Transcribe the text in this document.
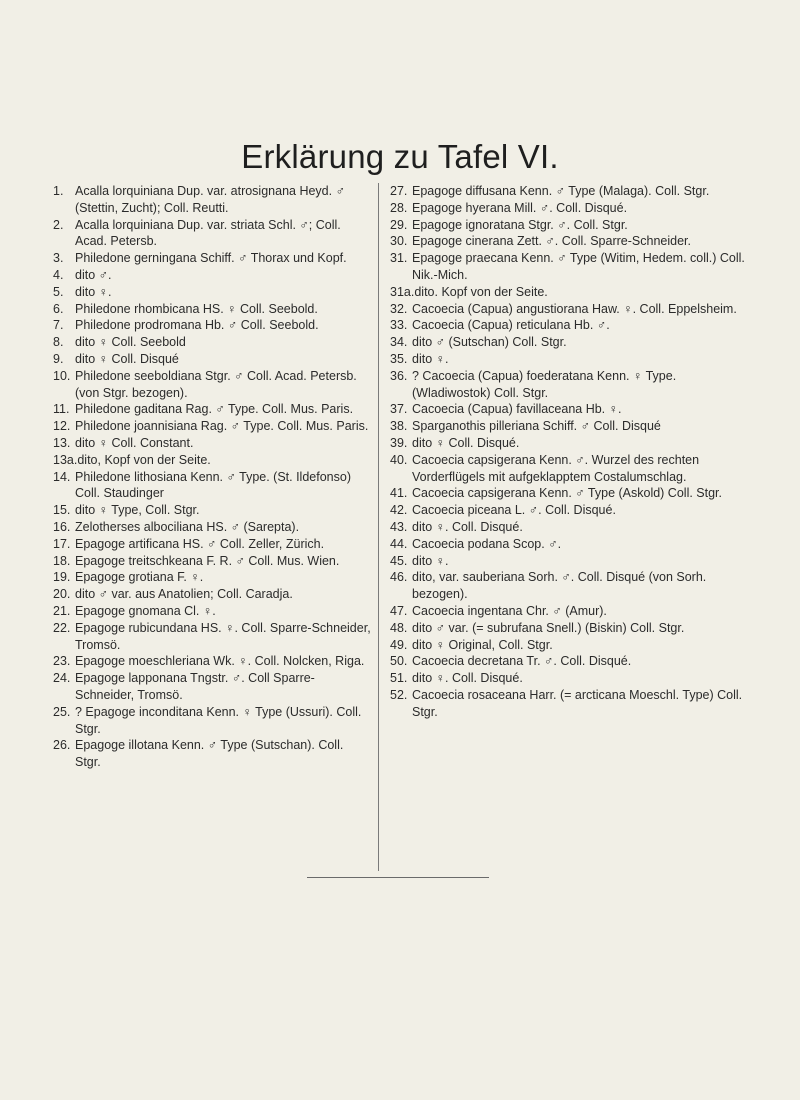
Erklärung zu Tafel VI.
1. Acalla lorquiniana Dup. var. atrosignana Heyd. ♂ (Stettin, Zucht); Coll. Reutti.
2. Acalla lorquiniana Dup. var. striata Schl. ♂; Coll. Acad. Petersb.
3. Philedone gerningana Schiff. ♂ Thorax und Kopf.
4. dito ♂.
5. dito ♀.
6. Philedone rhombicana HS. ♀ Coll. Seebold.
7. Philedone prodromana Hb. ♂ Coll. Seebold.
8. dito ♀ Coll. Seebold
9. dito ♀ Coll. Disqué
10. Philedone seeboldiana Stgr. ♂ Coll. Acad. Petersb. (von Stgr. bezogen).
11. Philedone gaditana Rag. ♂ Type. Coll. Mus. Paris.
12. Philedone joannisiana Rag. ♂ Type. Coll. Mus. Paris.
13. dito ♀ Coll. Constant.
13a. dito, Kopf von der Seite.
14. Philedone lithosiana Kenn. ♂ Type. (St. Ildefonso) Coll. Staudinger
15. dito ♀ Type, Coll. Stgr.
16. Zelotherses albociliana HS. ♂ (Sarepta).
17. Epagoge artificana HS. ♂ Coll. Zeller, Zürich.
18. Epagoge treitschkeana F. R. ♂ Coll. Mus. Wien.
19. Epagoge grotiana F. ♀.
20. dito ♂ var. aus Anatolien; Coll. Caradja.
21. Epagoge gnomana Cl. ♀.
22. Epagoge rubicundana HS. ♀. Coll. Sparre-Schneider, Tromsö.
23. Epagoge moeschleriana Wk. ♀. Coll. Nolcken, Riga.
24. Epagoge lapponana Tngstr. ♂. Coll Sparre-Schneider, Tromsö.
25. ? Epagoge inconditana Kenn. ♀ Type (Ussuri). Coll. Stgr.
26. Epagoge illotana Kenn. ♂ Type (Sutschan). Coll. Stgr.
27. Epagoge diffusana Kenn. ♂ Type (Malaga). Coll. Stgr.
28. Epagoge hyerana Mill. ♂. Coll. Disqué.
29. Epagoge ignoratana Stgr. ♂. Coll. Stgr.
30. Epagoge cinerana Zett. ♂. Coll. Sparre-Schneider.
31. Epagoge praecana Kenn. ♂ Type (Witim, Hedem. coll.) Coll. Nik.-Mich.
31a. dito. Kopf von der Seite.
32. Cacoecia (Capua) angustiorana Haw. ♀. Coll. Eppelsheim.
33. Cacoecia (Capua) reticulana Hb. ♂.
34. dito ♂ (Sutschan) Coll. Stgr.
35. dito ♀.
36. ? Cacoecia (Capua) foederatana Kenn. ♀ Type. (Wladiwostok) Coll. Stgr.
37. Cacoecia (Capua) favillaceana Hb. ♀.
38. Sparganothis pilleriana Schiff. ♂ Coll. Disqué
39. dito ♀ Coll. Disqué.
40. Cacoecia capsigerana Kenn. ♂. Wurzel des rechten Vorderflügels mit aufgeklapptem Costalumschlag.
41. Cacoecia capsigerana Kenn. ♂ Type (Askold) Coll. Stgr.
42. Cacoecia piceana L. ♂. Coll. Disqué.
43. dito ♀. Coll. Disqué.
44. Cacoecia podana Scop. ♂.
45. dito ♀.
46. dito, var. sauberiana Sorh. ♂. Coll. Disqué (von Sorh. bezogen).
47. Cacoecia ingentana Chr. ♂ (Amur).
48. dito ♂ var. (= subrufana Snell.) (Biskin) Coll. Stgr.
49. dito ♀ Original, Coll. Stgr.
50. Cacoecia decretana Tr. ♂. Coll. Disqué.
51. dito ♀. Coll. Disqué.
52. Cacoecia rosaceana Harr. (= arcticana Moeschl. Type) Coll. Stgr.
